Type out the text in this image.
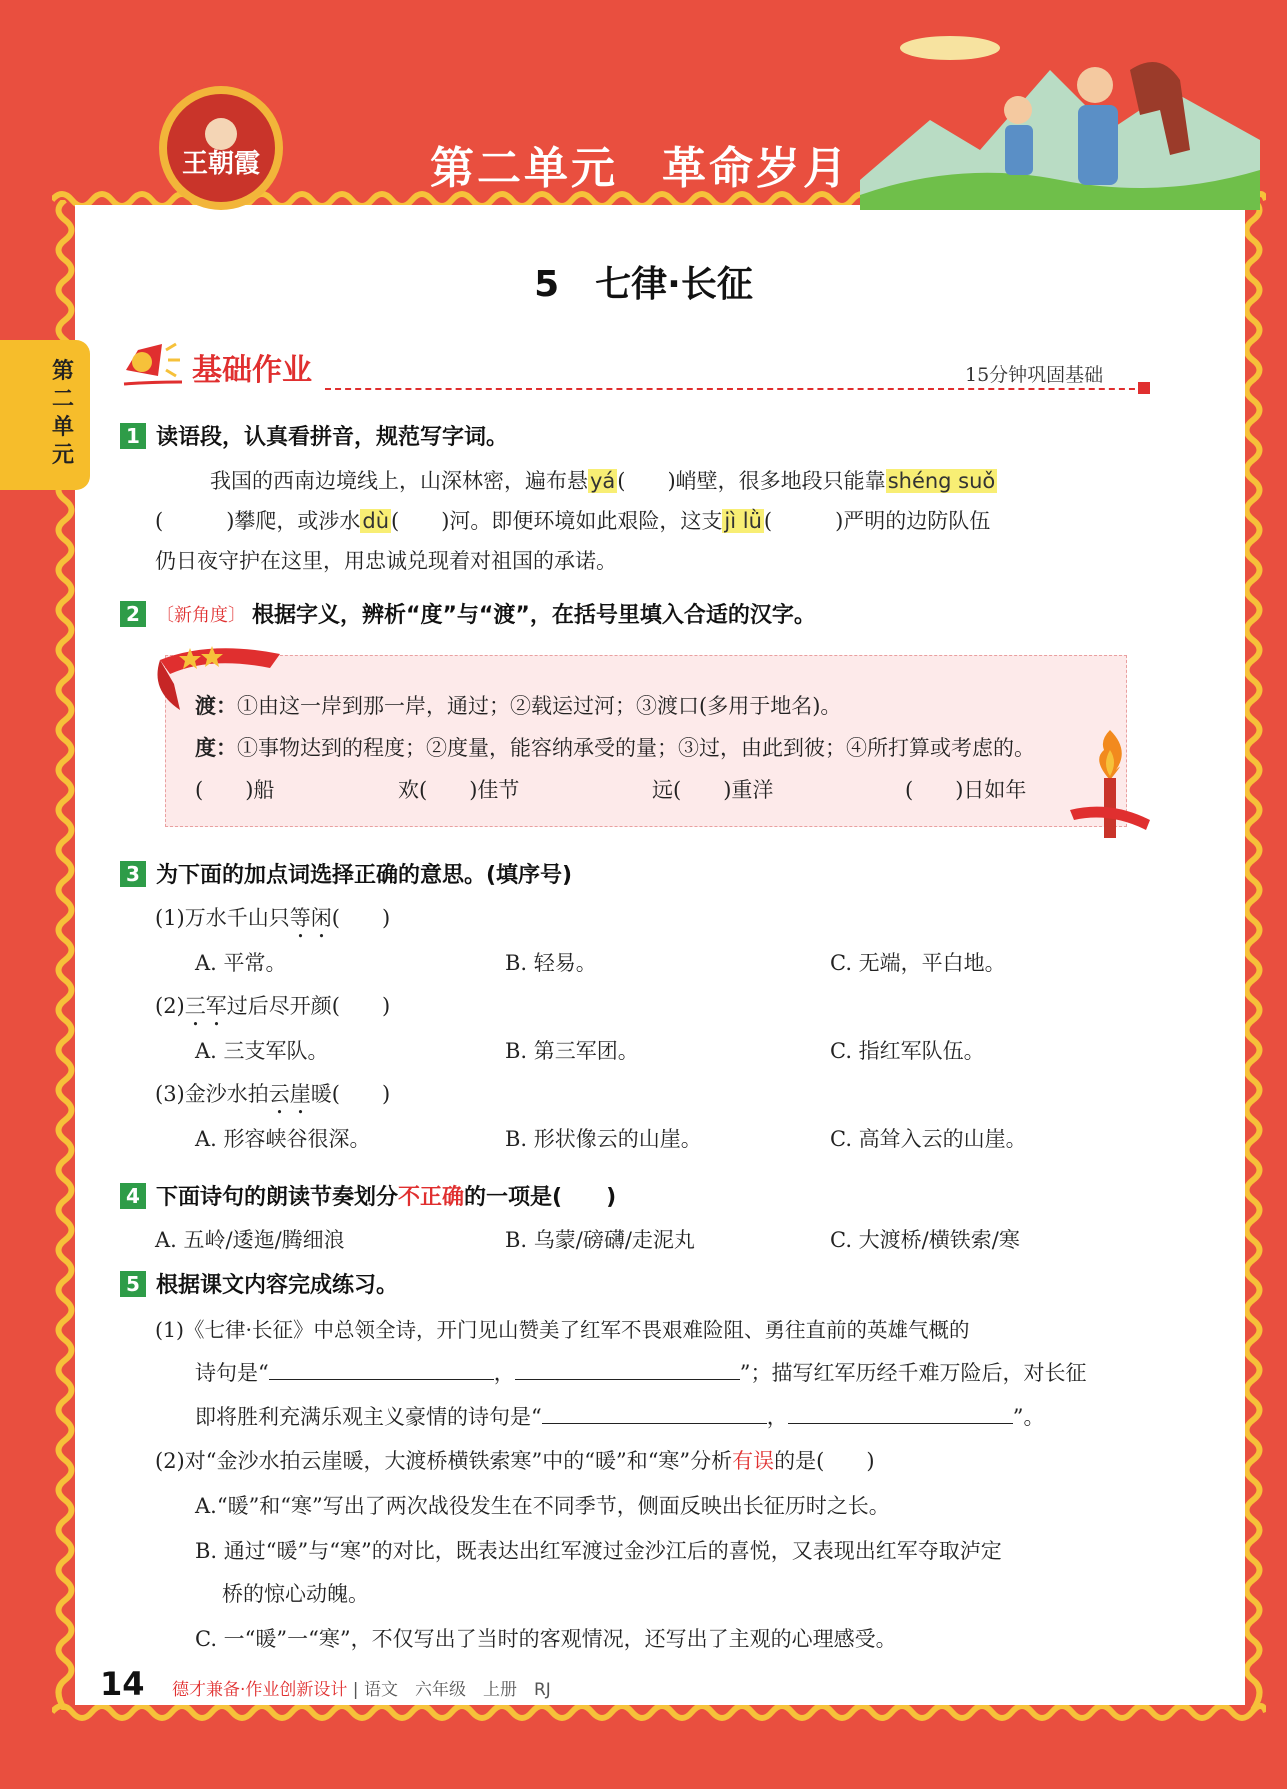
王朝霞	第二单元 革命岁月
第二单元
5　七律·长征
基础作业	15分钟巩固基础
1 读语段，认真看拼音，规范写字词。
我国的西南边境线上，山深林密，遍布悬yá(　　)峭壁，很多地段只能靠shéng suǒ
(　　　)攀爬，或涉水dù(　　)河。即便环境如此艰险，这支jì lǜ(　　　)严明的边防队伍
仍日夜守护在这里，用忠诚兑现着对祖国的承诺。
2 〔新角度〕 根据字义，辨析“度”与“渡”，在括号里填入合适的汉字。
渡：①由这一岸到那一岸，通过；②载运过河；③渡口(多用于地名)。
度：①事物达到的程度；②度量，能容纳承受的量；③过，由此到彼；④所打算或考虑的。
(　　)船	欢(　　)佳节	远(　　)重洋	(　　)日如年
3 为下面的加点词选择正确的意思。(填序号)
(1)万水千山只等闲(　　)
A. 平常。	B. 轻易。	C. 无端，平白地。
(2)三军过后尽开颜(　　)
A. 三支军队。	B. 第三军团。	C. 指红军队伍。
(3)金沙水拍云崖暖(　　)
A. 形容峡谷很深。	B. 形状像云的山崖。	C. 高耸入云的山崖。
4 下面诗句的朗读节奏划分 不正确 的一项是(　　)
A. 五岭/逶迤/腾细浪	B. 乌蒙/磅礴/走泥丸	C. 大渡桥/横铁索/寒
5 根据课文内容完成练习。
(1)《七律·长征》中总领全诗，开门见山赞美了红军不畏艰难险阻、勇往直前的英雄气概的
诗句是“	，	”；描写红军历经千难万险后，对长征
即将胜利充满乐观主义豪情的诗句是“	，	”。
(2)对“金沙水拍云崖暖，大渡桥横铁索寒”中的“暖”和“寒”分析有误的是(　　)
A.“暖”和“寒”写出了两次战役发生在不同季节，侧面反映出长征历时之长。
B. 通过“暖”与“寒”的对比，既表达出红军渡过金沙江后的喜悦，又表现出红军夺取泸定
桥的惊心动魄。
C. 一“暖”一“寒”，不仅写出了当时的客观情况，还写出了主观的心理感受。
14 德才兼备·作业创新设计 | 语文　六年级　上册　RJ
